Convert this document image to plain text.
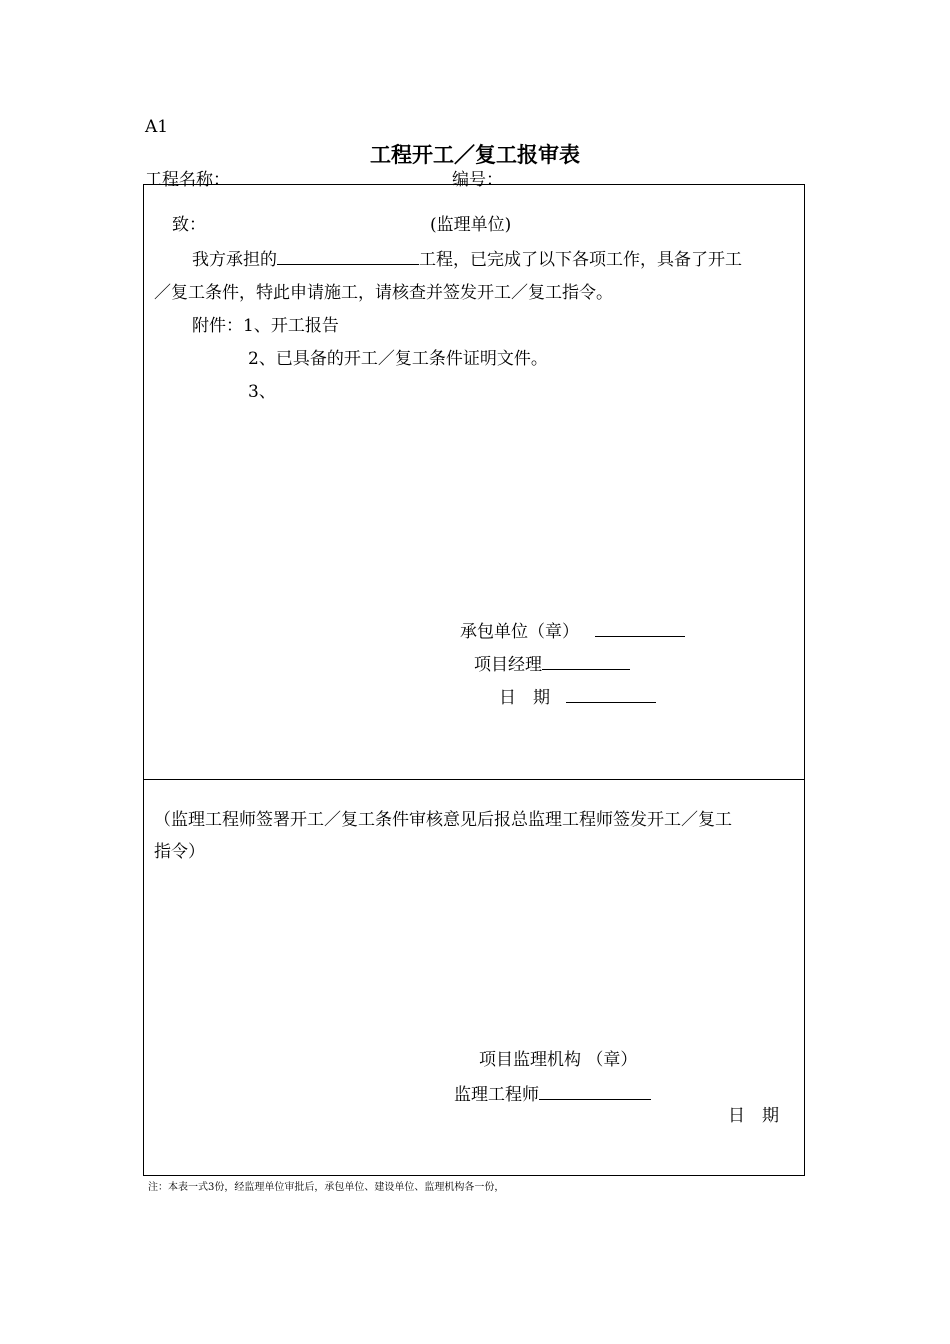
A1
工程开工／复工报审表
工程名称：	编号：
致：	(监理单位)
我方承担的	工程，已完成了以下各项工作，具备了开工
／复工条件，特此申请施工，请核查并签发开工／复工指令。
附件：1、开工报告
2、已具备的开工／复工条件证明文件。
3、
承包单位（章）
项目经理
日　期
（监理工程师签署开工／复工条件审核意见后报总监理工程师签发开工／复工
指令）
项目监理机构 （章）
监理工程师
日　期
注：本表一式3份，经监理单位审批后，承包单位、建设单位、监理机构各一份，
